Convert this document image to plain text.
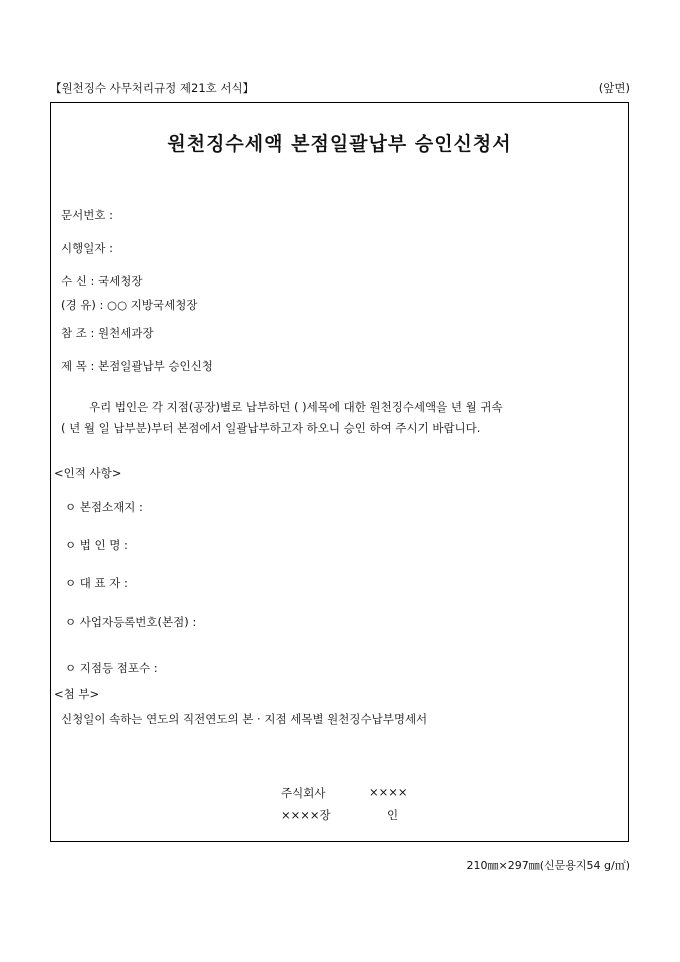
【원천징수 사무처리규정 제21호 서식】	(앞면)
원천징수세액 본점일괄납부 승인신청서
문서번호 :
시행일자 :
수 신 : 국세청장
(경 유) : ○○ 지방국세청장
참 조 : 원천세과장
제 목 : 본점일괄납부 승인신청
우리 법인은 각 지점(공장)별로 납부하던 ( )세목에 대한 원천징수세액을 년 월 귀속
( 년 월 일 납부분)부터 본점에서 일괄납부하고자 하오니 승인 하여 주시기 바랍니다.
<인적 사항>
ㅇ 본점소재지 :
ㅇ 법 인 명 :
ㅇ 대 표 자 :
ㅇ 사업자등록번호(본점) :
ㅇ 지점등 점포수 :
<첨 부>
신청일이 속하는 연도의 직전연도의 본 · 지점 세목별 원천징수납부명세서
주식회사	××××
××××장	인
210㎜×297㎜(신문용지54 g/㎡)
